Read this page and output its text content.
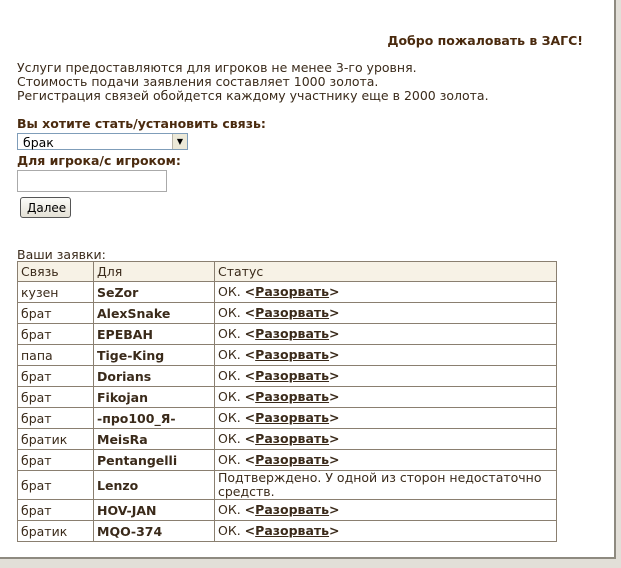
Добро пожаловать в ЗАГС!
Услуги предоставляются для игроков не менее 3-го уровня.
Стоимость подачи заявления составляет 1000 золота.
Регистрация связей обойдется каждому участнику еще в 2000 золота.
Вы хотите стать/установить связь:
брак	▼
Для игрока/с игроком:
Далее
Ваши заявки:
Связь	Для	Статус
кузен	SeZor	ОК. <Разорвать>
брат	AlexSnake	ОК. <Разорвать>
брат	ЕРЕВАН	ОК. <Разорвать>
папа	Tige-King	ОК. <Разорвать>
брат	Dorians	ОК. <Разорвать>
брат	Fikojan	ОК. <Разорвать>
брат	-про100_Я-	ОК. <Разорвать>
братик	MeisRa	ОК. <Разорвать>
брат	Pentangelli	ОК. <Разорвать>
брат	Lenzo	Подтверждено. У одной из сторон недостаточно средств.
брат	HOV-JAN	ОК. <Разорвать>
братик	MQO-374	ОК. <Разорвать>
